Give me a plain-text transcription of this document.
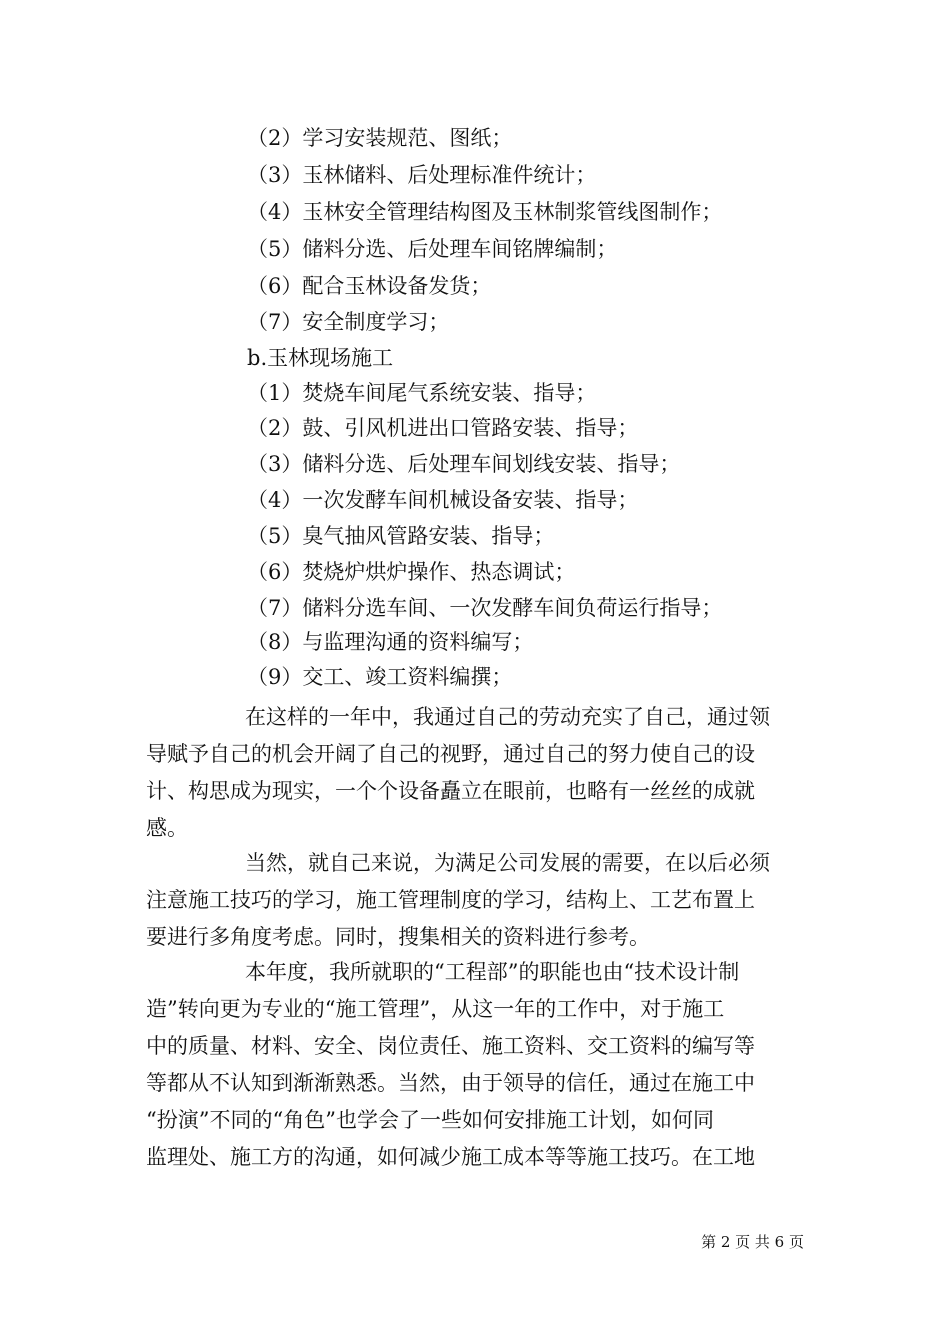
（2）学习安装规范、图纸；
（3）玉林储料、后处理标准件统计；
（4）玉林安全管理结构图及玉林制浆管线图制作；
（5）储料分选、后处理车间铭牌编制；
（6）配合玉林设备发货；
（7）安全制度学习；
b.玉林现场施工
（1）焚烧车间尾气系统安装、指导；
（2）鼓、引风机进出口管路安装、指导；
（3）储料分选、后处理车间划线安装、指导；
（4）一次发酵车间机械设备安装、指导；
（5）臭气抽风管路安装、指导；
（6）焚烧炉烘炉操作、热态调试；
（7）储料分选车间、一次发酵车间负荷运行指导；
（8）与监理沟通的资料编写；
（9）交工、竣工资料编撰；
在这样的一年中，我通过自己的劳动充实了自己，通过领
导赋予自己的机会开阔了自己的视野，通过自己的努力使自己的设
计、构思成为现实，一个个设备矗立在眼前，也略有一丝丝的成就
感。
当然，就自己来说，为满足公司发展的需要，在以后必须
注意施工技巧的学习，施工管理制度的学习，结构上、工艺布置上
要进行多角度考虑。同时，搜集相关的资料进行参考。
本年度，我所就职的“工程部”的职能也由“技术设计制
造”转向更为专业的“施工管理”，从这一年的工作中，对于施工
中的质量、材料、安全、岗位责任、施工资料、交工资料的编写等
等都从不认知到渐渐熟悉。当然，由于领导的信任，通过在施工中
“扮演”不同的“角色”也学会了一些如何安排施工计划，如何同
监理处、施工方的沟通，如何减少施工成本等等施工技巧。在工地
第 2 页 共 6 页
